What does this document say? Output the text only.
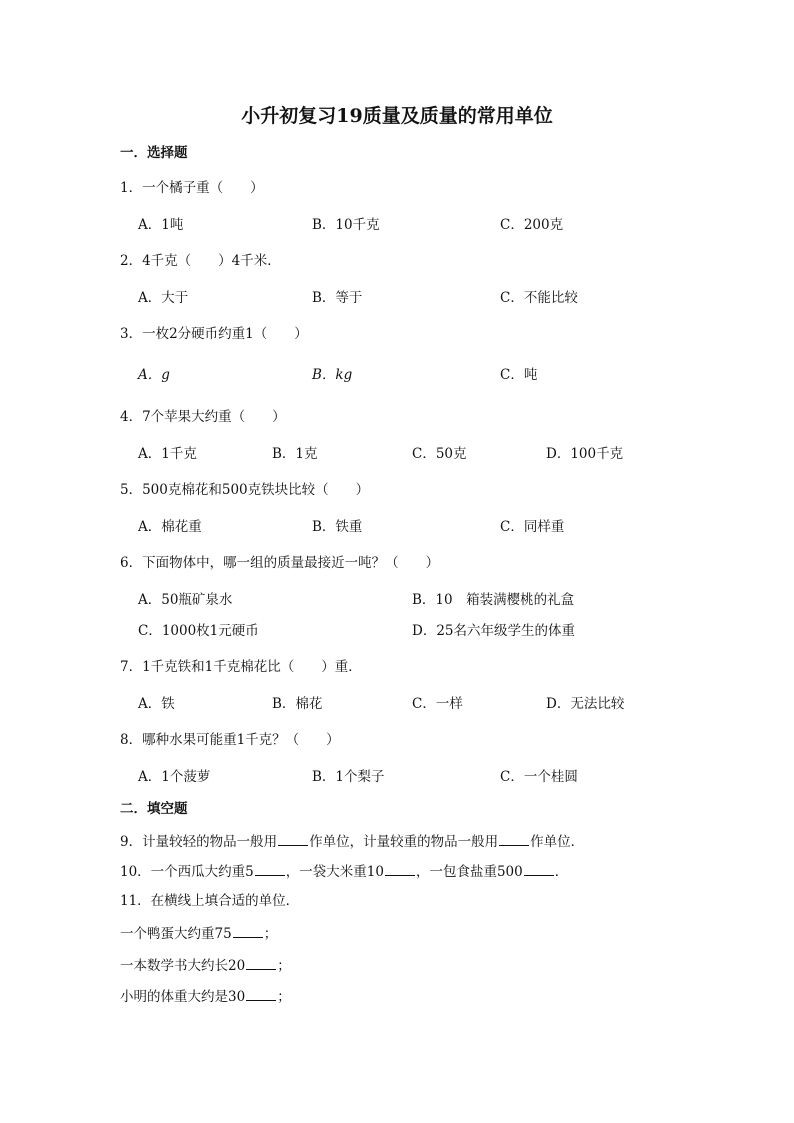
小升初复习19质量及质量的常用单位
一．选择题
1．一个橘子重（　　）
A．1吨	B．10千克	C．200克
2．4千克（　　）4千米．
A．大于	B．等于	C．不能比较
3．一枚2分硬币约重1（　　）
A．g	B．kg	C．吨
4．7个苹果大约重（　　）
A．1千克	B．1克	C．50克	D．100千克
5．500克棉花和500克铁块比较（　　）
A．棉花重	B．铁重	C．同样重
6．下面物体中，哪一组的质量最接近一吨？（　　）
A．50瓶矿泉水	B．10　箱装满樱桃的礼盒
C．1000枚1元硬币	D．25名六年级学生的体重
7．1千克铁和1千克棉花比（　　）重．
A．铁	B．棉花	C．一样	D．无法比较
8．哪种水果可能重1千克？（　　）
A．1个菠萝	B．1个梨子	C．一个桂圆
二．填空题
9．计量较轻的物品一般用 作单位，计量较重的物品一般用 作单位．
10．一个西瓜大约重5 ，一袋大米重10 ，一包食盐重500 ．
11．在横线上填合适的单位．
一个鸭蛋大约重75 ；
一本数学书大约长20 ；
小明的体重大约是30 ；
